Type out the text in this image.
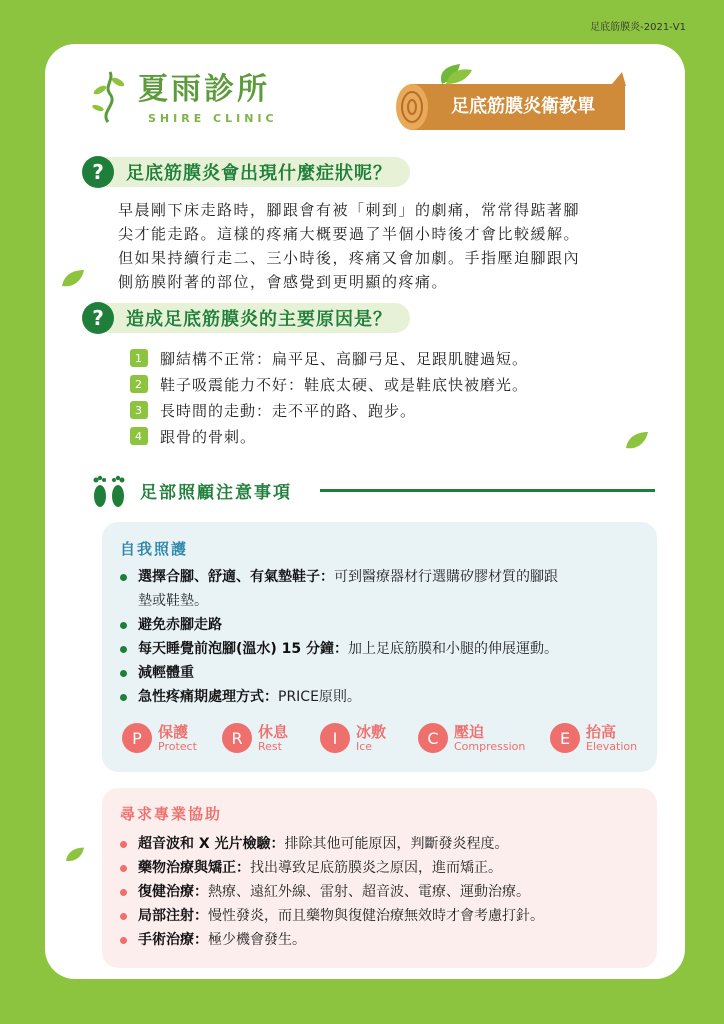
足底筋膜炎-2021-V1
夏雨診所
SHIRE CLINIC
足底筋膜炎衛教單
?	足底筋膜炎會出現什麼症狀呢？
早晨剛下床走路時，腳跟會有被「刺到」的劇痛，常常得踮著腳
尖才能走路。這樣的疼痛大概要過了半個小時後才會比較緩解。
但如果持續行走二、三小時後，疼痛又會加劇。手指壓迫腳跟內
側筋膜附著的部位，會感覺到更明顯的疼痛。
?	造成足底筋膜炎的主要原因是？
1	腳結構不正常：扁平足、高腳弓足、足跟肌腱過短。
2	鞋子吸震能力不好：鞋底太硬、或是鞋底快被磨光。
3	長時間的走動：走不平的路、跑步。
4	跟骨的骨刺。
足部照顧注意事項
自我照護
選擇合腳、舒適、有氣墊鞋子：可到醫療器材行選購矽膠材質的腳跟
墊或鞋墊。
避免赤腳走路
每天睡覺前泡腳(溫水) 15 分鐘：加上足底筋膜和小腿的伸展運動。
減輕體重
急性疼痛期處理方式：PRICE原則。
P	保護
Protect	R	休息
Rest	I	冰敷
Ice	C	壓迫
Compression	E	抬高
Elevation
尋求專業協助
超音波和 X 光片檢驗：排除其他可能原因，判斷發炎程度。
藥物治療與矯正：找出導致足底筋膜炎之原因，進而矯正。
復健治療：熱療、遠紅外線、雷射、超音波、電療、運動治療。
局部注射：慢性發炎，而且藥物與復健治療無效時才會考慮打針。
手術治療：極少機會發生。
